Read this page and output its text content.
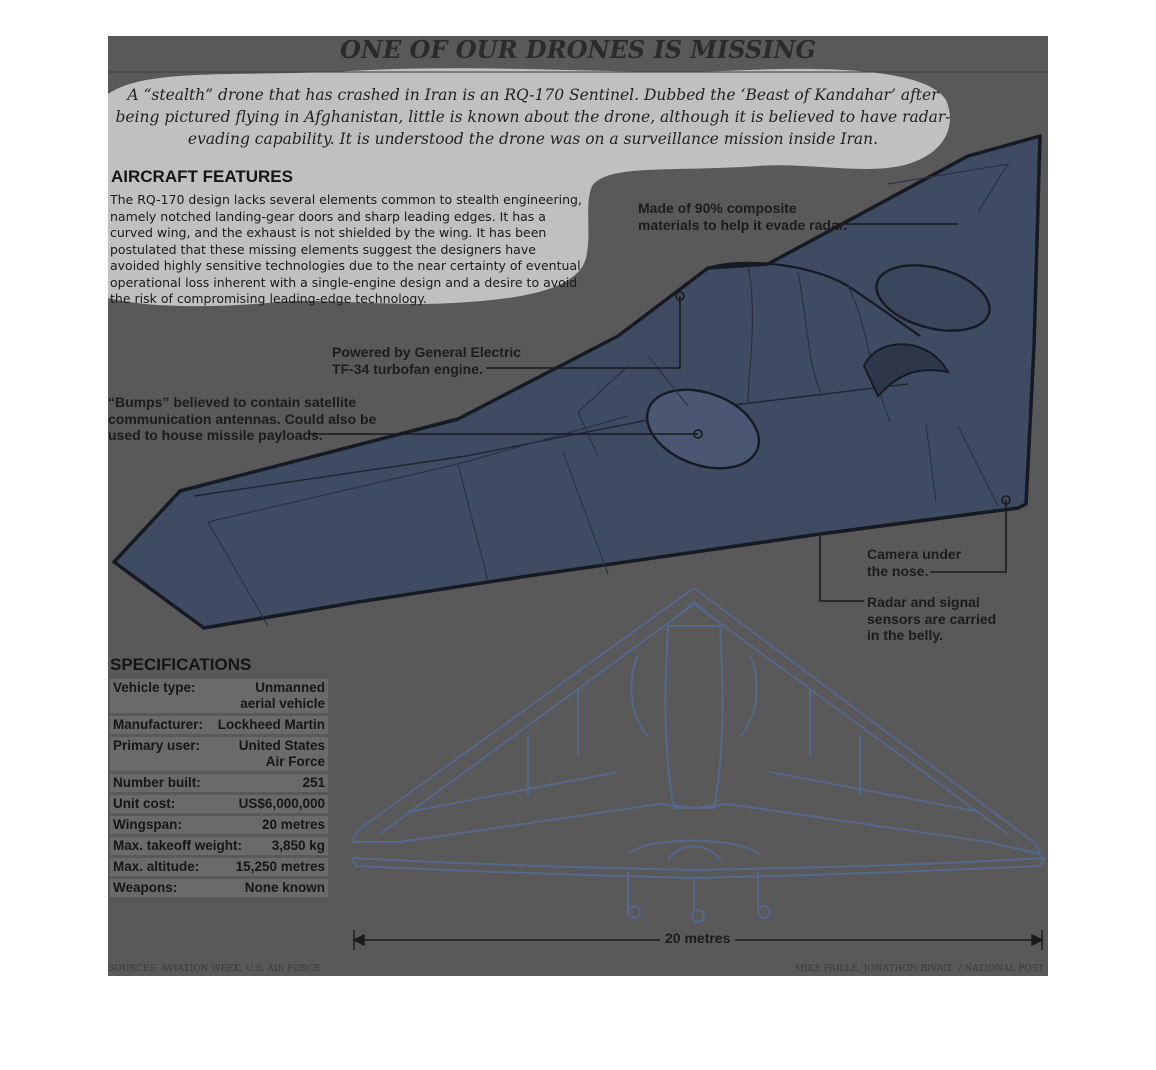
ONE OF OUR DRONES IS MISSING
A “stealth” drone that has crashed in Iran is an RQ-170 Sentinel. Dubbed the ‘Beast of Kandahar’ after being pictured flying in Afghanistan, little is known about the drone, although it is believed to have radar-evading capability. It is understood the drone was on a surveillance mission inside Iran.
AIRCRAFT FEATURES
The RQ-170 design lacks several elements common to stealth engineering, namely notched landing-gear doors and sharp leading edges. It has a curved wing, and the exhaust is not shielded by the wing. It has been postulated that these missing elements suggest the designers have avoided highly sensitive technologies due to the near certainty of eventual operational loss inherent with a single-engine design and a desire to avoid the risk of compromising leading-edge technology.
Made of 90% composite
materials to help it evade radar.
Powered by General Electric
TF-34 turbofan engine.
“Bumps” believed to contain satellite
communication antennas. Could also be
used to house missile payloads.
Camera under
the nose.
Radar and signal
sensors are carried
in the belly.
SPECIFICATIONS
Vehicle type:	Unmanned
aerial vehicle
Manufacturer: Lockheed Martin
Primary user:	United States
Air Force
Number built:	251
Unit cost:	US$6,000,000
Wingspan:	20 metres
Max. takeoff weight: 3,850 kg
Max. altitude:	15,250 metres
Weapons:	None known
20 metres
SOURCES: AVIATION WEEK, U.S. AIR FORCE	MIKE FAILLE, JONATHON RIVAIT  / NATIONAL POST
